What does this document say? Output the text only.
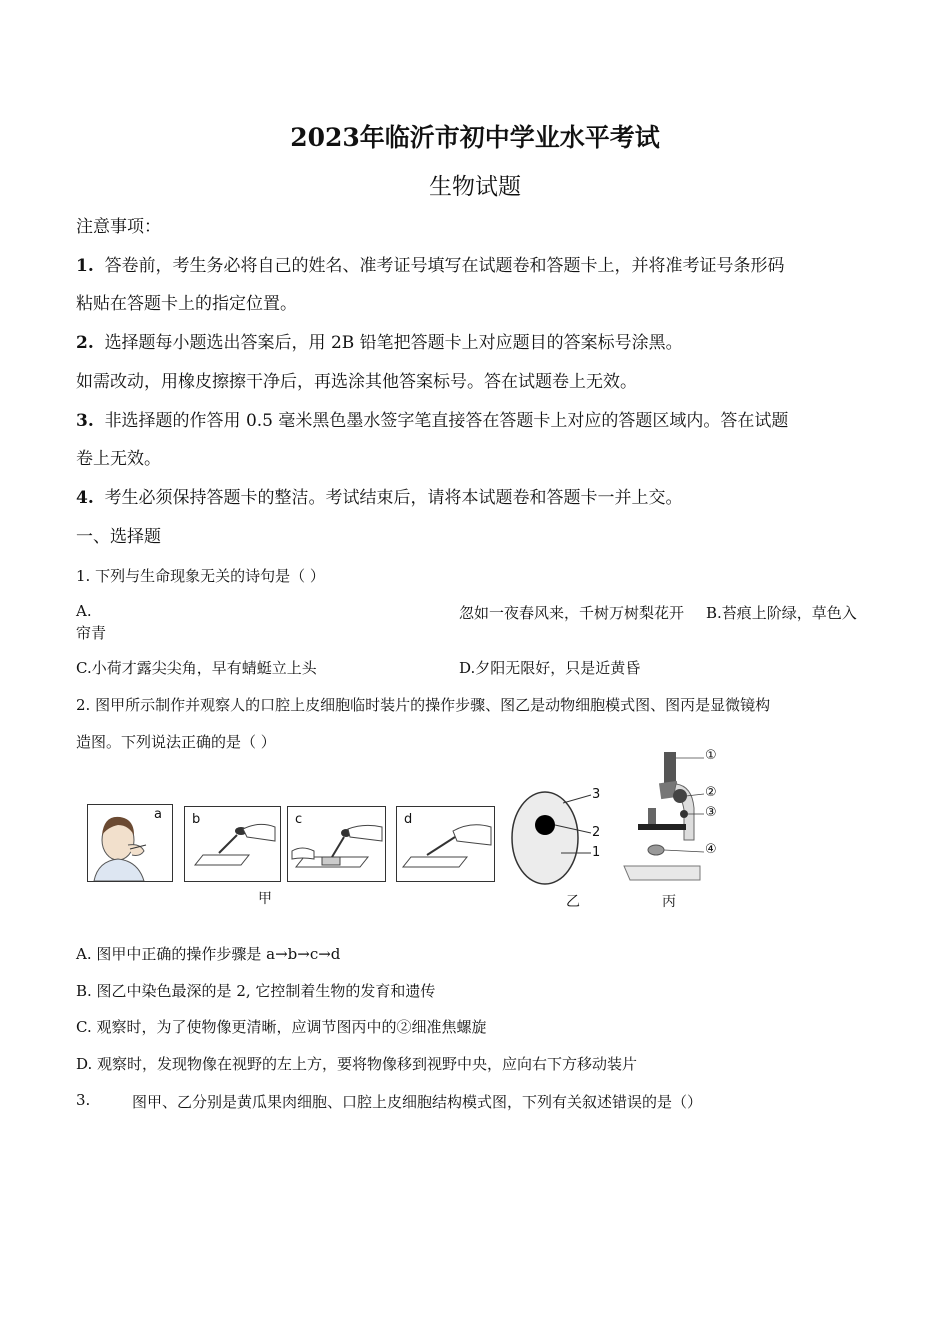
2023年临沂市初中学业水平考试
生物试题
注意事项：
1. 答卷前，考生务必将自己的姓名、准考证号填写在试题卷和答题卡上，并将准考证号条形码
粘贴在答题卡上的指定位置。
2. 选择题每小题选出答案后，用 2B 铅笔把答题卡上对应题目的答案标号涂黑。
如需改动，用橡皮擦擦干净后，再选涂其他答案标号。答在试题卷上无效。
3. 非选择题的作答用 0.5 毫米黑色墨水签字笔直接答在答题卡上对应的答题区域内。答在试题
卷上无效。
4. 考生必须保持答题卡的整洁。考试结束后，请将本试题卷和答题卡一并上交。
一、选择题
1. 下列与生命现象无关的诗句是（ ）
A.	忽如一夜春风来，千树万树梨花开 B.苔痕上阶绿，草色入
帘青
C.小荷才露尖尖角，早有蜻蜓立上头	D.夕阳无限好，只是近黄昏
2. 图甲所示制作并观察人的口腔上皮细胞临时装片的操作步骤、图乙是动物细胞模式图、图丙是显微镜构
造图。下列说法正确的是（ ）
a b	c	d
甲
3
2
1
乙
①
②
③
④
丙
A. 图甲中正确的操作步骤是 a→b→c→d
B. 图乙中染色最深的是 2, 它控制着生物的发育和遗传
C. 观察时，为了使物像更清晰，应调节图丙中的②细准焦螺旋
D. 观察时，发现物像在视野的左上方，要将物像移到视野中央，应向右下方移动装片
3.	图甲、乙分别是黄瓜果肉细胞、口腔上皮细胞结构模式图，下列有关叙述错误的是（）
